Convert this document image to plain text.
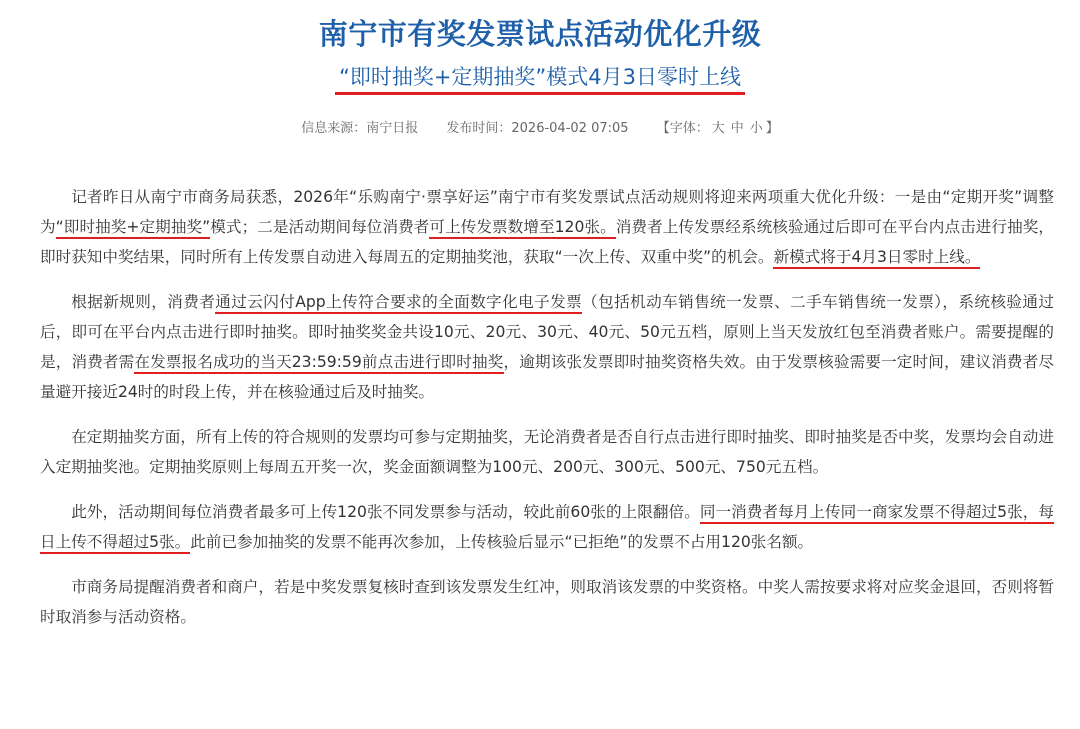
南宁市有奖发票试点活动优化升级
“即时抽奖+定期抽奖”模式4月3日零时上线
信息来源：南宁日报 发布时间：2026-04-02 07:05 【字体： 大 中 小 】

记者昨日从南宁市商务局获悉，2026年“乐购南宁·票享好运”南宁市有奖发票试点活动规则将迎来两项重大优化升级：一是由“定期开奖”调整为“即时抽奖+定期抽奖”模式；二是活动期间每位消费者可上传发票数增至120张。消费者上传发票经系统核验通过后即可在平台内点击进行抽奖，即时获知中奖结果，同时所有上传发票自动进入每周五的定期抽奖池，获取“一次上传、双重中奖”的机会。新模式将于4月3日零时上线。

根据新规则，消费者通过云闪付App上传符合要求的全面数字化电子发票（包括机动车销售统一发票、二手车销售统一发票），系统核验通过后，即可在平台内点击进行即时抽奖。即时抽奖奖金共设10元、20元、30元、40元、50元五档，原则上当天发放红包至消费者账户。需要提醒的是，消费者需在发票报名成功的当天23:59:59前点击进行即时抽奖，逾期该张发票即时抽奖资格失效。由于发票核验需要一定时间，建议消费者尽量避开接近24时的时段上传，并在核验通过后及时抽奖。

在定期抽奖方面，所有上传的符合规则的发票均可参与定期抽奖，无论消费者是否自行点击进行即时抽奖、即时抽奖是否中奖，发票均会自动进入定期抽奖池。定期抽奖原则上每周五开奖一次，奖金面额调整为100元、200元、300元、500元、750元五档。

此外，活动期间每位消费者最多可上传120张不同发票参与活动，较此前60张的上限翻倍。同一消费者每月上传同一商家发票不得超过5张，每日上传不得超过5张。此前已参加抽奖的发票不能再次参加，上传核验后显示“已拒绝”的发票不占用120张名额。

市商务局提醒消费者和商户，若是中奖发票复核时查到该发票发生红冲，则取消该发票的中奖资格。中奖人需按要求将对应奖金退回，否则将暂时取消参与活动资格。
